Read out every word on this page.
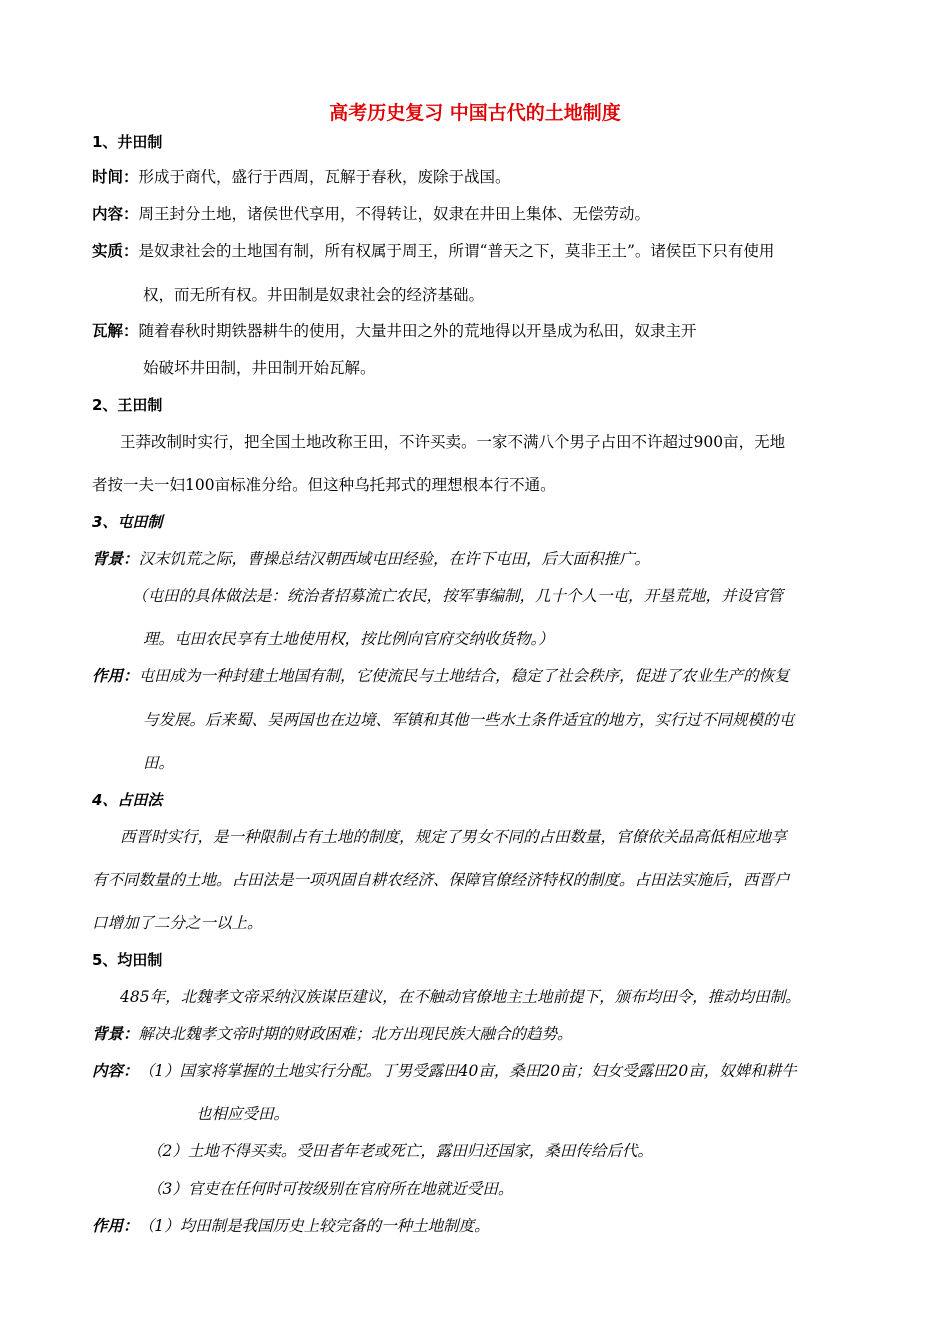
高考历史复习 中国古代的土地制度
1、井田制
时间：形成于商代，盛行于西周，瓦解于春秋，废除于战国。
内容：周王封分土地，诸侯世代享用，不得转让，奴隶在井田上集体、无偿劳动。
实质：是奴隶社会的土地国有制，所有权属于周王，所谓“普天之下，莫非王土”。诸侯臣下只有使用
权，而无所有权。井田制是奴隶社会的经济基础。
瓦解：随着春秋时期铁器耕牛的使用，大量井田之外的荒地得以开垦成为私田，奴隶主开
始破坏井田制，井田制开始瓦解。
2、王田制
王莽改制时实行，把全国土地改称王田，不许买卖。一家不满八个男子占田不许超过900亩，无地
者按一夫一妇100亩标准分给。但这种乌托邦式的理想根本行不通。
3、屯田制
背景：汉末饥荒之际，曹操总结汉朝西域屯田经验，在许下屯田，后大面积推广。
（屯田的具体做法是：统治者招募流亡农民，按军事编制，几十个人一屯，开垦荒地，并设官管
理。屯田农民享有土地使用权，按比例向官府交纳收货物。）
作用：屯田成为一种封建土地国有制，它使流民与土地结合，稳定了社会秩序，促进了农业生产的恢复
与发展。后来蜀、吴两国也在边境、军镇和其他一些水土条件适宜的地方，实行过不同规模的屯
田。
4、占田法
西晋时实行，是一种限制占有土地的制度，规定了男女不同的占田数量，官僚依关品高低相应地享
有不同数量的土地。占田法是一项巩固自耕农经济、保障官僚经济特权的制度。占田法实施后，西晋户
口增加了二分之一以上。
5、均田制
485年，北魏孝文帝采纳汉族谋臣建议，在不触动官僚地主土地前提下，颁布均田令，推动均田制。
背景：解决北魏孝文帝时期的财政困难；北方出现民族大融合的趋势。
内容： （1）国家将掌握的土地实行分配。丁男受露田40亩，桑田20亩；妇女受露田20亩，奴婢和耕牛
也相应受田。
（2）土地不得买卖。受田者年老或死亡，露田归还国家，桑田传给后代。
（3）官吏在任何时可按级别在官府所在地就近受田。
作用： （1）均田制是我国历史上较完备的一种土地制度。
